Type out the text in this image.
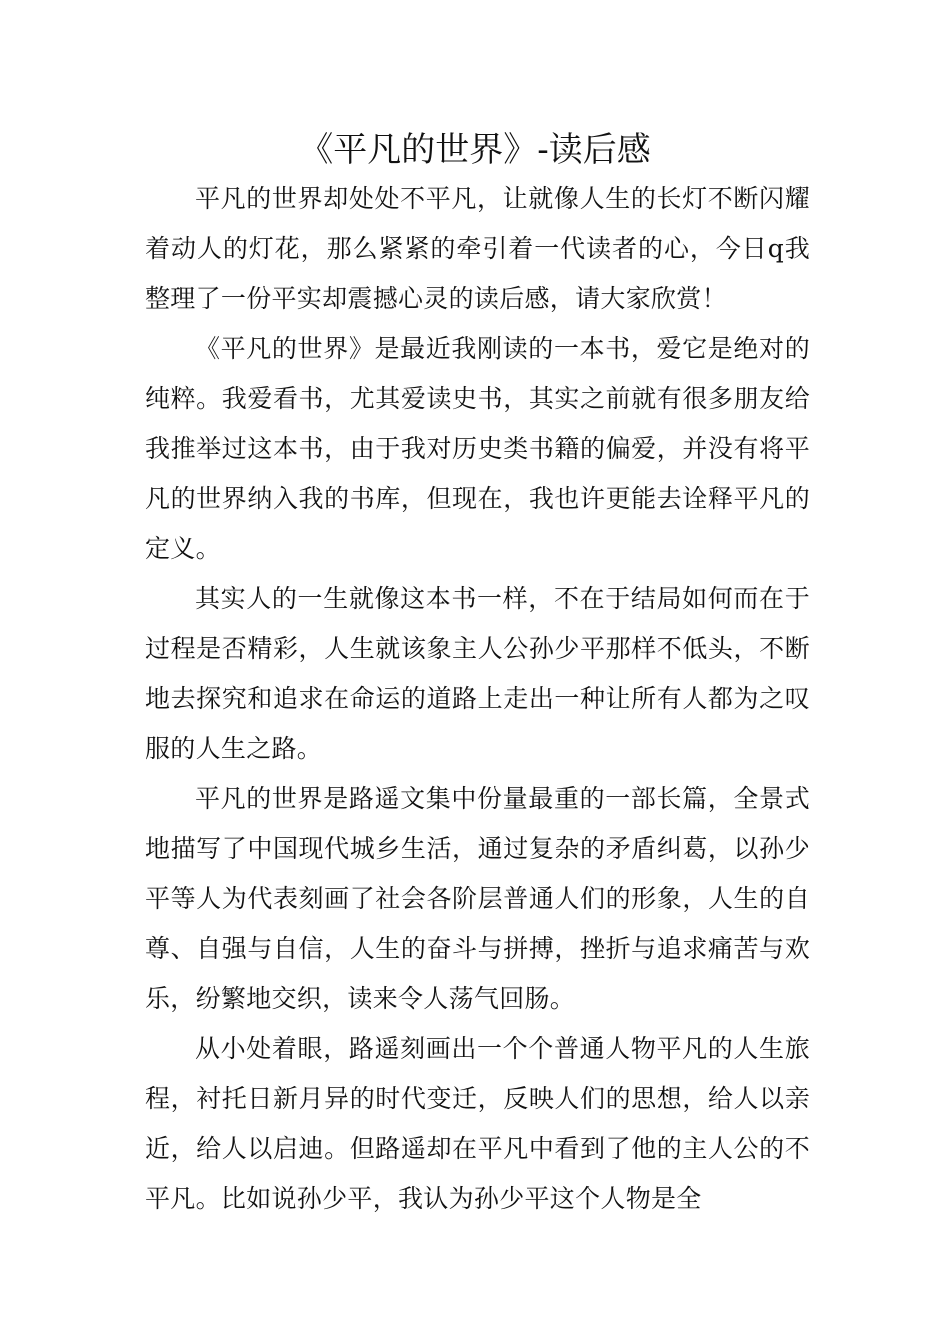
《平凡的世界》-读后感

平凡的世界却处处不平凡，让就像人生的长灯不断闪耀着动人的灯花，那么紧紧的牵引着一代读者的心，今日q我整理了一份平实却震撼心灵的读后感，请大家欣赏！

《平凡的世界》是最近我刚读的一本书，爱它是绝对的纯粹。我爱看书，尤其爱读史书，其实之前就有很多朋友给我推举过这本书，由于我对历史类书籍的偏爱，并没有将平凡的世界纳入我的书库，但现在，我也许更能去诠释平凡的定义。

其实人的一生就像这本书一样，不在于结局如何而在于过程是否精彩，人生就该象主人公孙少平那样不低头，不断地去探究和追求在命运的道路上走出一种让所有人都为之叹服的人生之路。

平凡的世界是路遥文集中份量最重的一部长篇，全景式地描写了中国现代城乡生活，通过复杂的矛盾纠葛，以孙少平等人为代表刻画了社会各阶层普通人们的形象，人生的自尊、自强与自信，人生的奋斗与拼搏，挫折与追求痛苦与欢乐，纷繁地交织，读来令人荡气回肠。

从小处着眼，路遥刻画出一个个普通人物平凡的人生旅程，衬托日新月异的时代变迁，反映人们的思想，给人以亲近，给人以启迪。但路遥却在平凡中看到了他的主人公的不平凡。比如说孙少平，我认为孙少平这个人物是全
